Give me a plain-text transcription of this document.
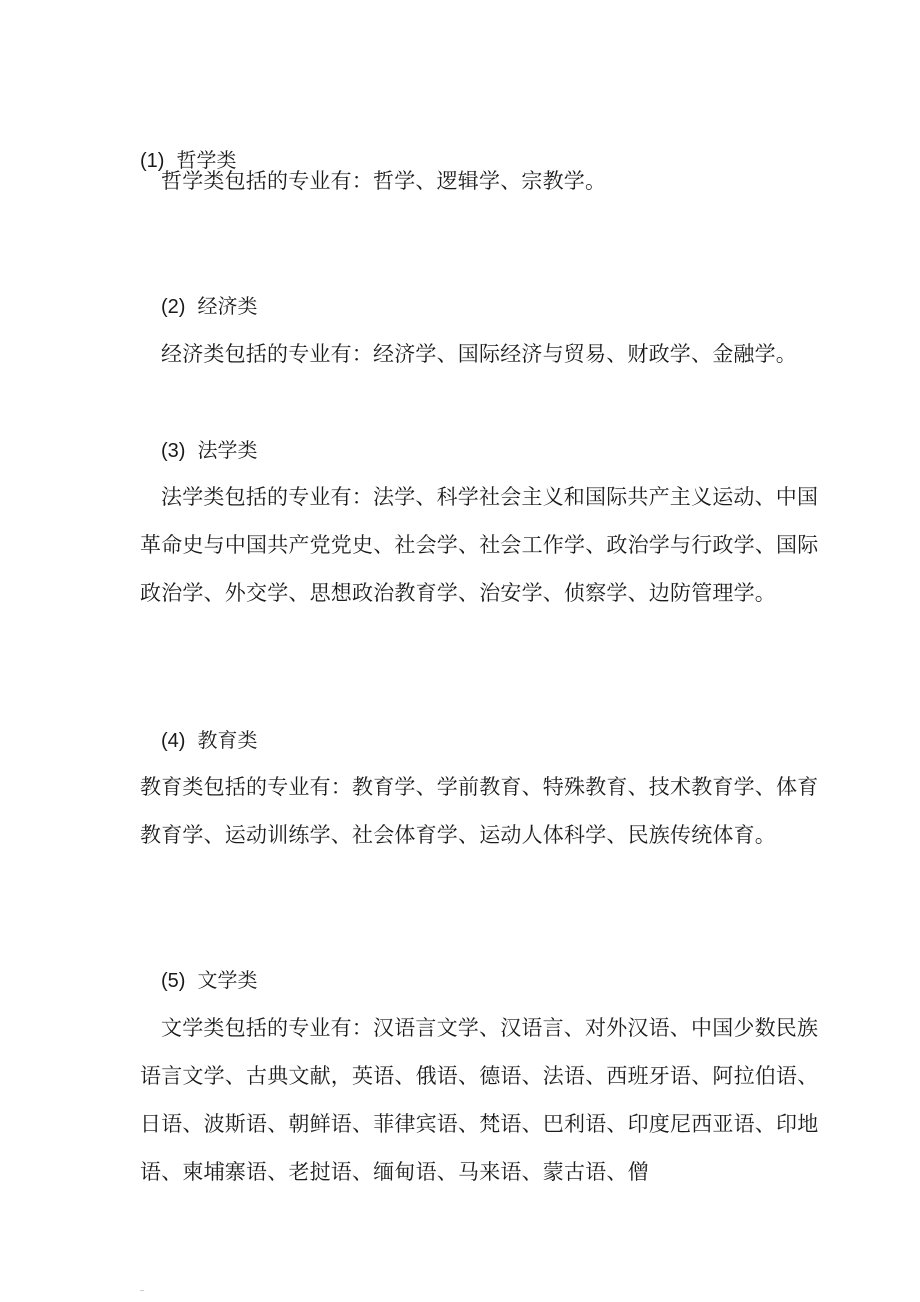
(1) 哲学类

哲学类包括的专业有：哲学、逻辑学、宗教学。

(2) 经济类

经济类包括的专业有：经济学、国际经济与贸易、财政学、金融学。

(3) 法学类

法学类包括的专业有：法学、科学社会主义和国际共产主义运动、中国革命史与中国共产党党史、社会学、社会工作学、政治学与行政学、国际政治学、外交学、思想政治教育学、治安学、侦察学、边防管理学。

(4) 教育类

教育类包括的专业有：教育学、学前教育、特殊教育、技术教育学、体育教育学、运动训练学、社会体育学、运动人体科学、民族传统体育。

(5) 文学类

文学类包括的专业有：汉语言文学、汉语言、对外汉语、中国少数民族语言文学、古典文献，英语、俄语、德语、法语、西班牙语、阿拉伯语、日语、波斯语、朝鲜语、菲律宾语、梵语、巴利语、印度尼西亚语、印地语、柬埔寨语、老挝语、缅甸语、马来语、蒙古语、僧
